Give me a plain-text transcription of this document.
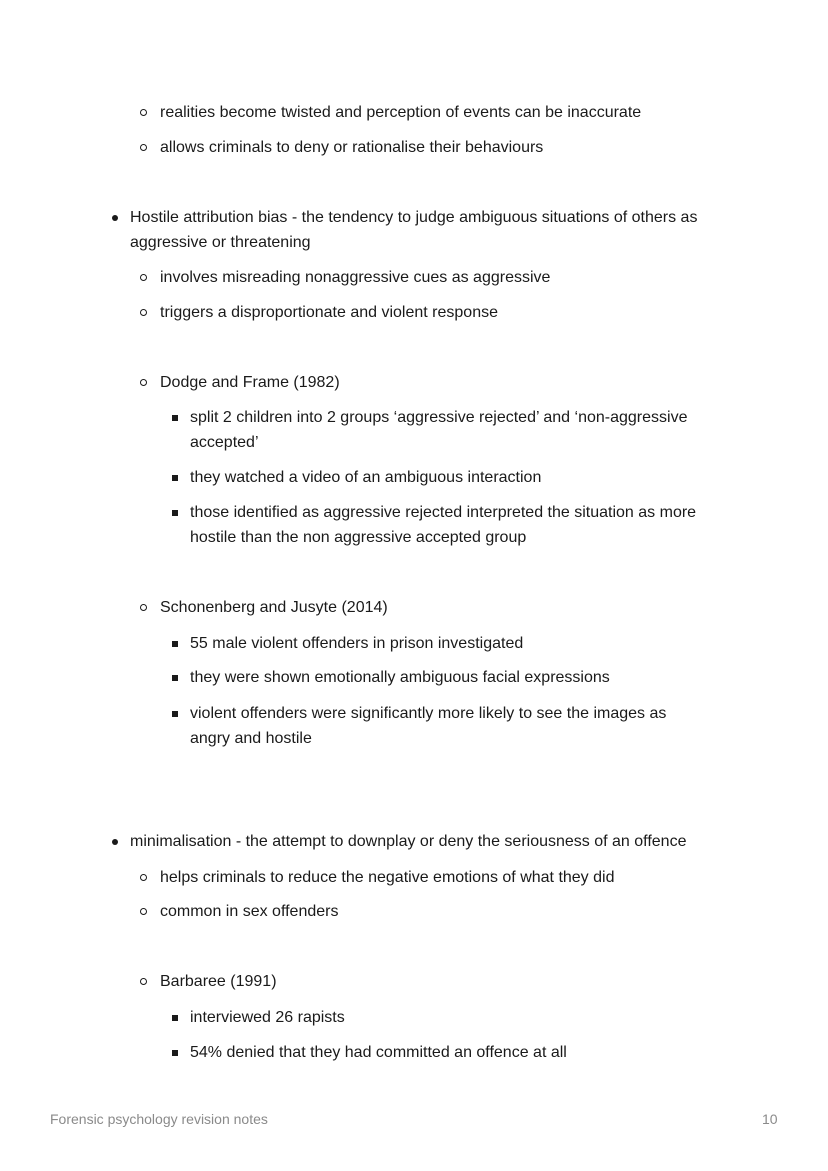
realities become twisted and perception of events can be inaccurate
allows criminals to deny or rationalise their behaviours
Hostile attribution bias - the tendency to judge ambiguous situations of others as
aggressive or threatening
involves misreading nonaggressive cues as aggressive
triggers a disproportionate and violent response
Dodge and Frame (1982)
split 2 children into 2 groups ‘aggressive rejected’ and ‘non-aggressive
accepted’
they watched a video of an ambiguous interaction
those identified as aggressive rejected interpreted the situation as more
hostile than the non aggressive accepted group
Schonenberg and Jusyte (2014)
55 male violent offenders in prison investigated
they were shown emotionally ambiguous facial expressions
violent offenders were significantly more likely to see the images as
angry and hostile
minimalisation - the attempt to downplay or deny the seriousness of an offence
helps criminals to reduce the negative emotions of what they did
common in sex offenders
Barbaree (1991)
interviewed 26 rapists
54% denied that they had committed an offence at all
Forensic psychology revision notes	10
